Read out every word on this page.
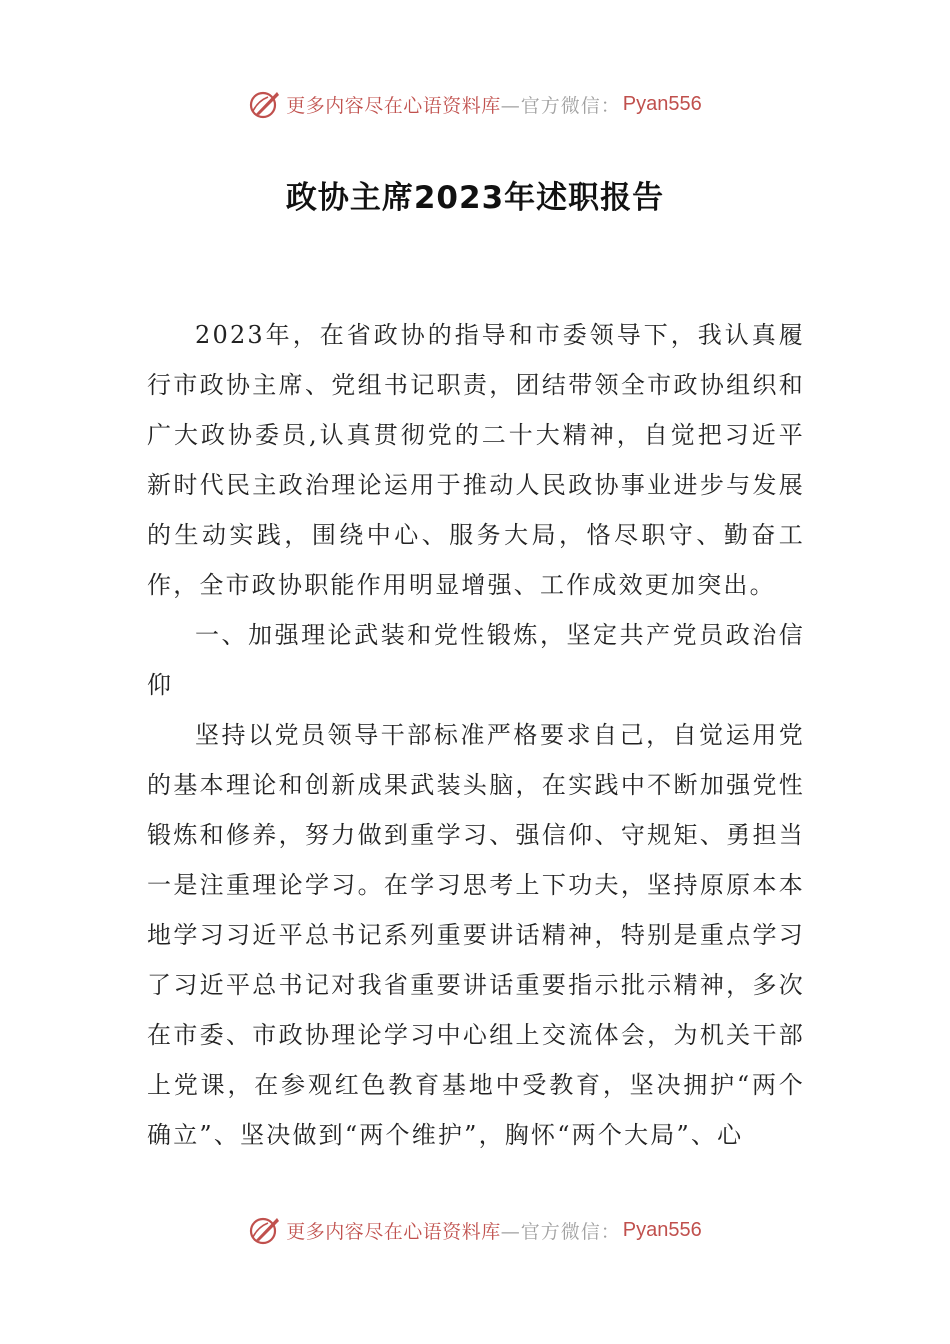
更多内容尽在心语资料库 —官方微信： Pyan556
政协主席2023年述职报告

2023年，在省政协的指导和市委领导下，我认真履行市政协主席、党组书记职责，团结带领全市政协组织和广大政协委员,认真贯彻党的二十大精神，自觉把习近平新时代民主政治理论运用于推动人民政协事业进步与发展的生动实践，围绕中心、服务大局，恪尽职守、勤奋工作，全市政协职能作用明显增强、工作成效更加突出。

一、加强理论武装和党性锻炼，坚定共产党员政治信仰

坚持以党员领导干部标准严格要求自己，自觉运用党的基本理论和创新成果武装头脑，在实践中不断加强党性锻炼和修养，努力做到重学习、强信仰、守规矩、勇担当一是注重理论学习。在学习思考上下功夫，坚持原原本本地学习习近平总书记系列重要讲话精神，特别是重点学习了习近平总书记对我省重要讲话重要指示批示精神，多次在市委、市政协理论学习中心组上交流体会，为机关干部上党课，在参观红色教育基地中受教育，坚决拥护“两个确立”、坚决做到“两个维护”，胸怀“两个大局”、心

更多内容尽在心语资料库 —官方微信： Pyan556
